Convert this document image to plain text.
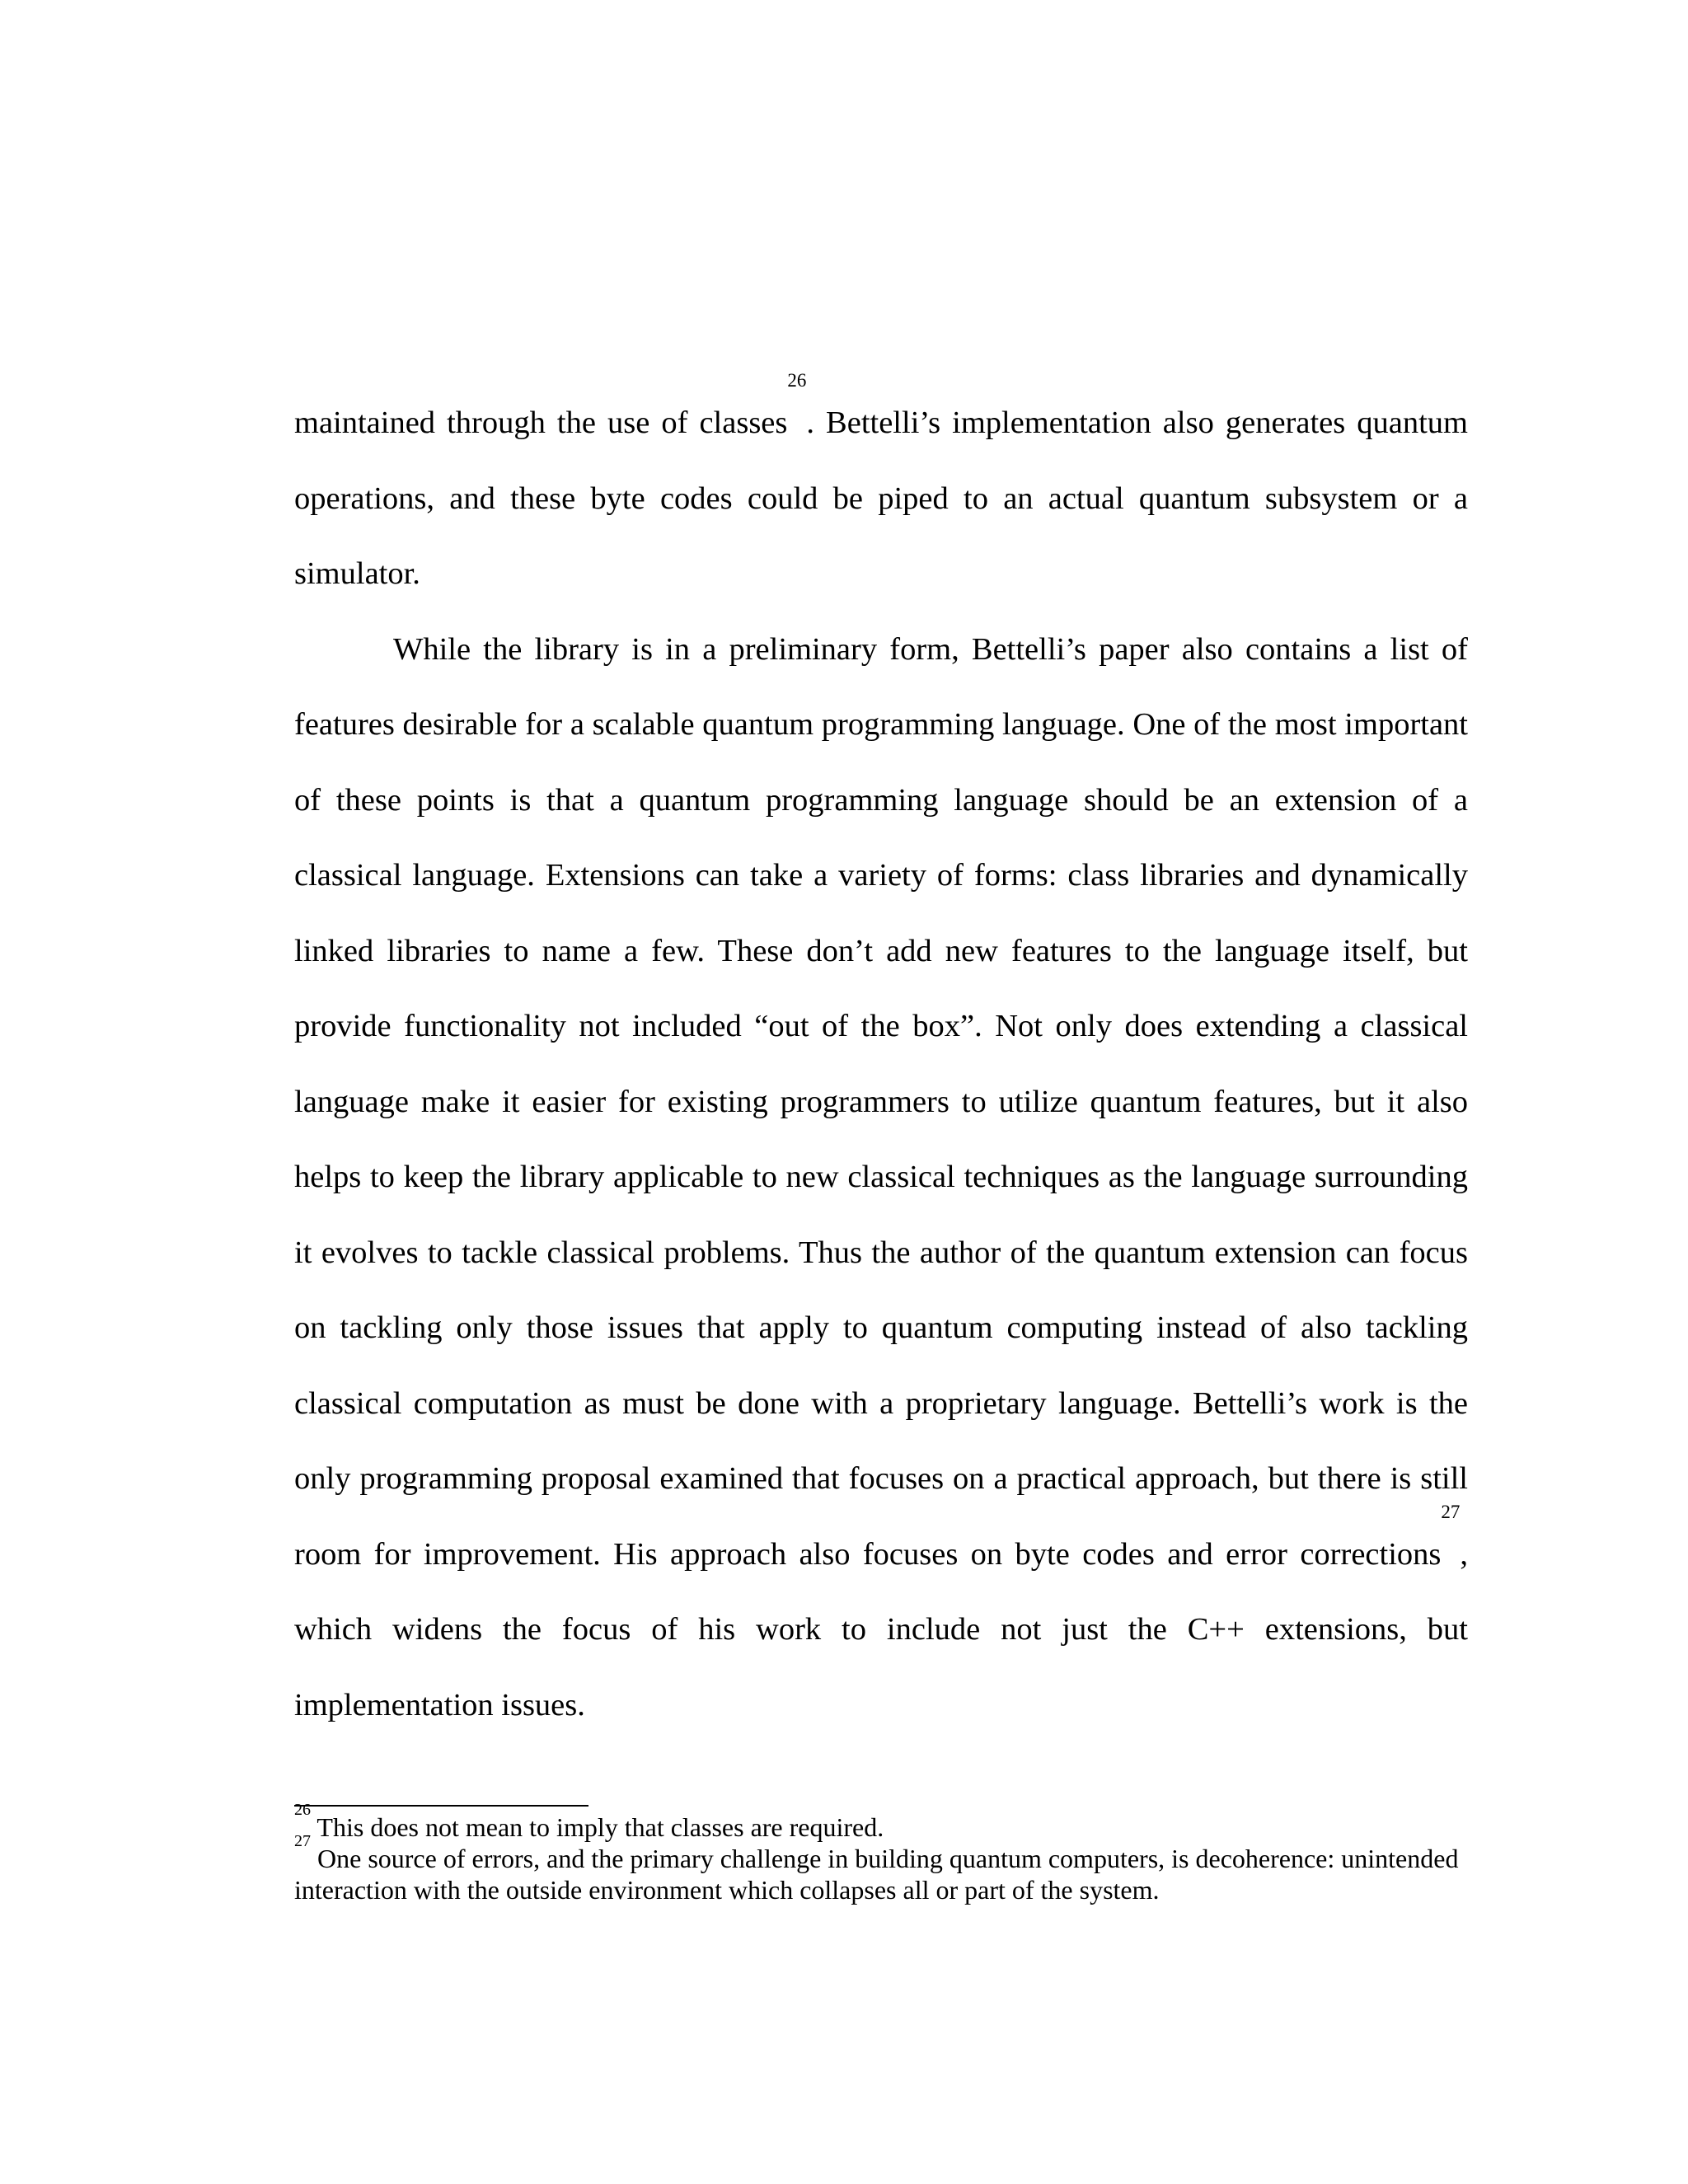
maintained through the use of classes$^{26}$. Bettelli’s implementation also generates quantum operations, and these byte codes could be piped to an actual quantum subsystem or a simulator.

While the library is in a preliminary form, Bettelli’s paper also contains a list of features desirable for a scalable quantum programming language. One of the most important of these points is that a quantum programming language should be an extension of a classical language. Extensions can take a variety of forms: class libraries and dynamically linked libraries to name a few. These don’t add new features to the language itself, but provide functionality not included “out of the box”. Not only does extending a classical language make it easier for existing programmers to utilize quantum features, but it also helps to keep the library applicable to new classical techniques as the language surrounding it evolves to tackle classical problems. Thus the author of the quantum extension can focus on tackling only those issues that apply to quantum computing instead of also tackling classical computation as must be done with a proprietary language. Bettelli’s work is the only programming proposal examined that focuses on a practical approach, but there is still room for improvement. His approach also focuses on byte codes and error corrections$^{27}$, which widens the focus of his work to include not just the C++ extensions, but implementation issues.

$^{26}$ This does not mean to imply that classes are required.

$^{27}$ One source of errors, and the primary challenge in building quantum computers, is decoherence: unintended interaction with the outside environment which collapses all or part of the system.
